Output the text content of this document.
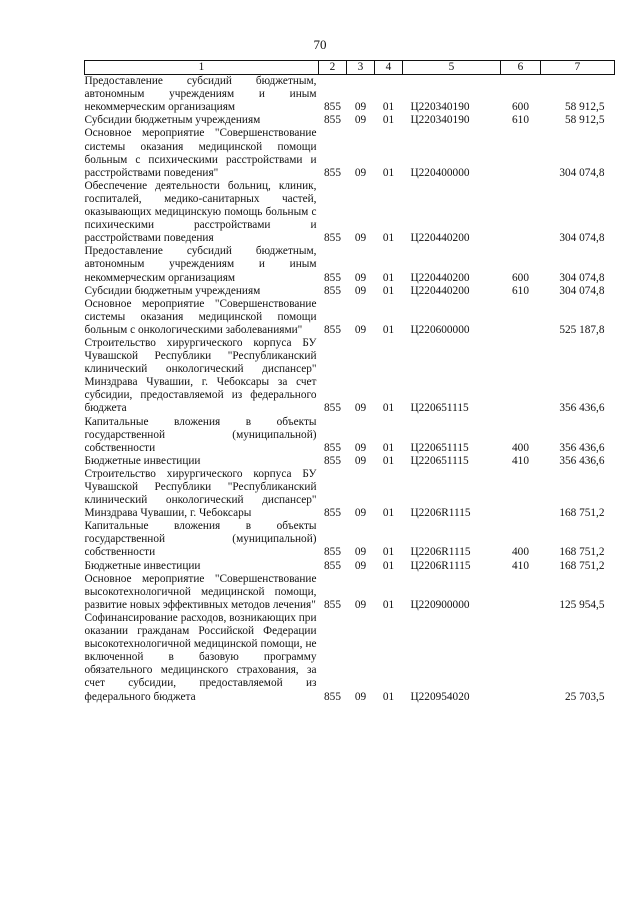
70
1	2	3	4	5	6	7
Предоставление субсидий бюджетным, автономным учреждениям и иным некоммерческим организациям	855	09	01	Ц220340190	600	58 912,5
Субсидии бюджетным учреждениям	855	09	01	Ц220340190	610	58 912,5
Основное мероприятие "Совершенствование системы оказания медицинской помощи больным с психическими расстройствами и расстройствами поведения"	855	09	01	Ц220400000		304 074,8
Обеспечение деятельности больниц, клиник, госпиталей, медико-санитарных частей, оказывающих медицинскую помощь больным с психическими расстройствами и расстройствами поведения	855	09	01	Ц220440200		304 074,8
Предоставление субсидий бюджетным, автономным учреждениям и иным некоммерческим организациям	855	09	01	Ц220440200	600	304 074,8
Субсидии бюджетным учреждениям	855	09	01	Ц220440200	610	304 074,8
Основное мероприятие "Совершенствование системы оказания медицинской помощи больным с онкологическими заболеваниями"	855	09	01	Ц220600000		525 187,8
Строительство хирургического корпуса БУ Чувашской Республики "Республиканский клинический онкологический диспансер" Минздрава Чувашии, г. Чебоксары за счет субсидии, предоставляемой из федерального бюджета	855	09	01	Ц220651115		356 436,6
Капитальные вложения в объекты государственной (муниципальной) собственности	855	09	01	Ц220651115	400	356 436,6
Бюджетные инвестиции	855	09	01	Ц220651115	410	356 436,6
Строительство хирургического корпуса БУ Чувашской Республики "Республиканский клинический онкологический диспансер" Минздрава Чувашии, г. Чебоксары	855	09	01	Ц2206R1115		168 751,2
Капитальные вложения в объекты государственной (муниципальной) собственности	855	09	01	Ц2206R1115	400	168 751,2
Бюджетные инвестиции	855	09	01	Ц2206R1115	410	168 751,2
Основное мероприятие "Совершенствование высокотехнологичной медицинской помощи, развитие новых эффективных методов лечения"	855	09	01	Ц220900000		125 954,5
Софинансирование расходов, возникающих при оказании гражданам Российской Федерации высокотехнологичной медицинской помощи, не включенной в базовую программу обязательного медицинского страхования, за счет субсидии, предоставляемой из федерального бюджета	855	09	01	Ц220954020		25 703,5
